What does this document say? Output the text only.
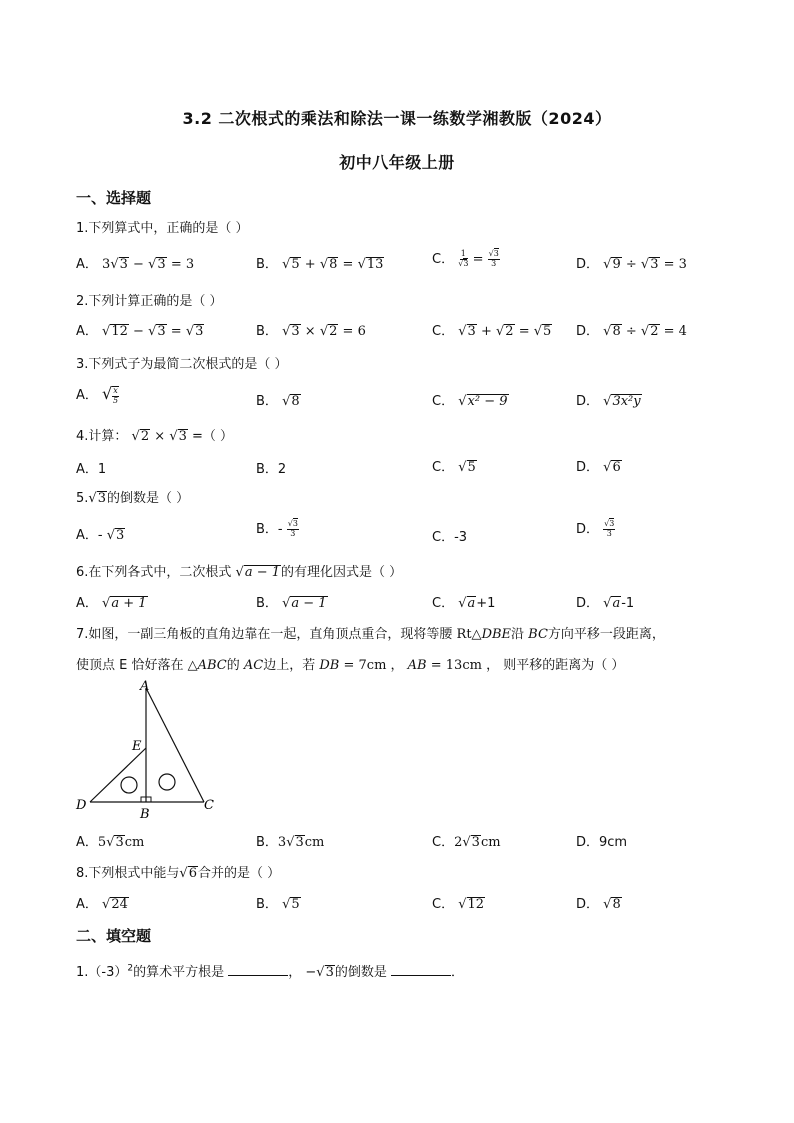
3.2 二次根式的乘法和除法一课一练数学湘教版（2024）
初中八年级上册
一、选择题
1.下列算式中，正确的是（ ）
A． 3√3 − √3 = 3	B． √5 + √8 = √13	C． $\frac{1}{√3} = \frac{√3}{3}$	D． √9 ÷ √3 = 3
2.下列计算正确的是（ ）
A． √12 − √3 = √3	B． √3 × √2 = 6	C． √3 + √2 = √5 D． √8 ÷ √2 = 4
3.下列式子为最简二次根式的是（ ）
A． √ $\frac{x}{5}$	B． √8	C． √x² − 9	D． √3x²y
4.计算： √2 × √3 =（ ）
A．1	B．2	C． √5	D． √6
5.√3的倒数是（ ）
A．- √3	B．- $\frac{√3}{3}$	C．-3
D． $\frac{√3}{3}$
6.在下列各式中，二次根式 √a − 1的有理化因式是（ ）
A． √a + 1	B． √a − 1	C． √a+1	D． √a-1
7.如图，一副三角板的直角边靠在一起，直角顶点重合，现将等腰 Rt△DBE沿 BC方向平移一段距离，
使顶点 E 恰好落在 △ABC的 AC边上，若 DB = 7cm ， AB = 13cm ， 则平移的距离为（ ）
A
E
D
B
C
A．5√3cm	B．3√3cm	C．2√3cm	D．9cm
8.下列根式中能与√6合并的是（ ）
A． √24	B． √5	C． √12	D． √8
二、填空题
$1.(-3)^2$的算术平方根是	， −√3的倒数是	．
